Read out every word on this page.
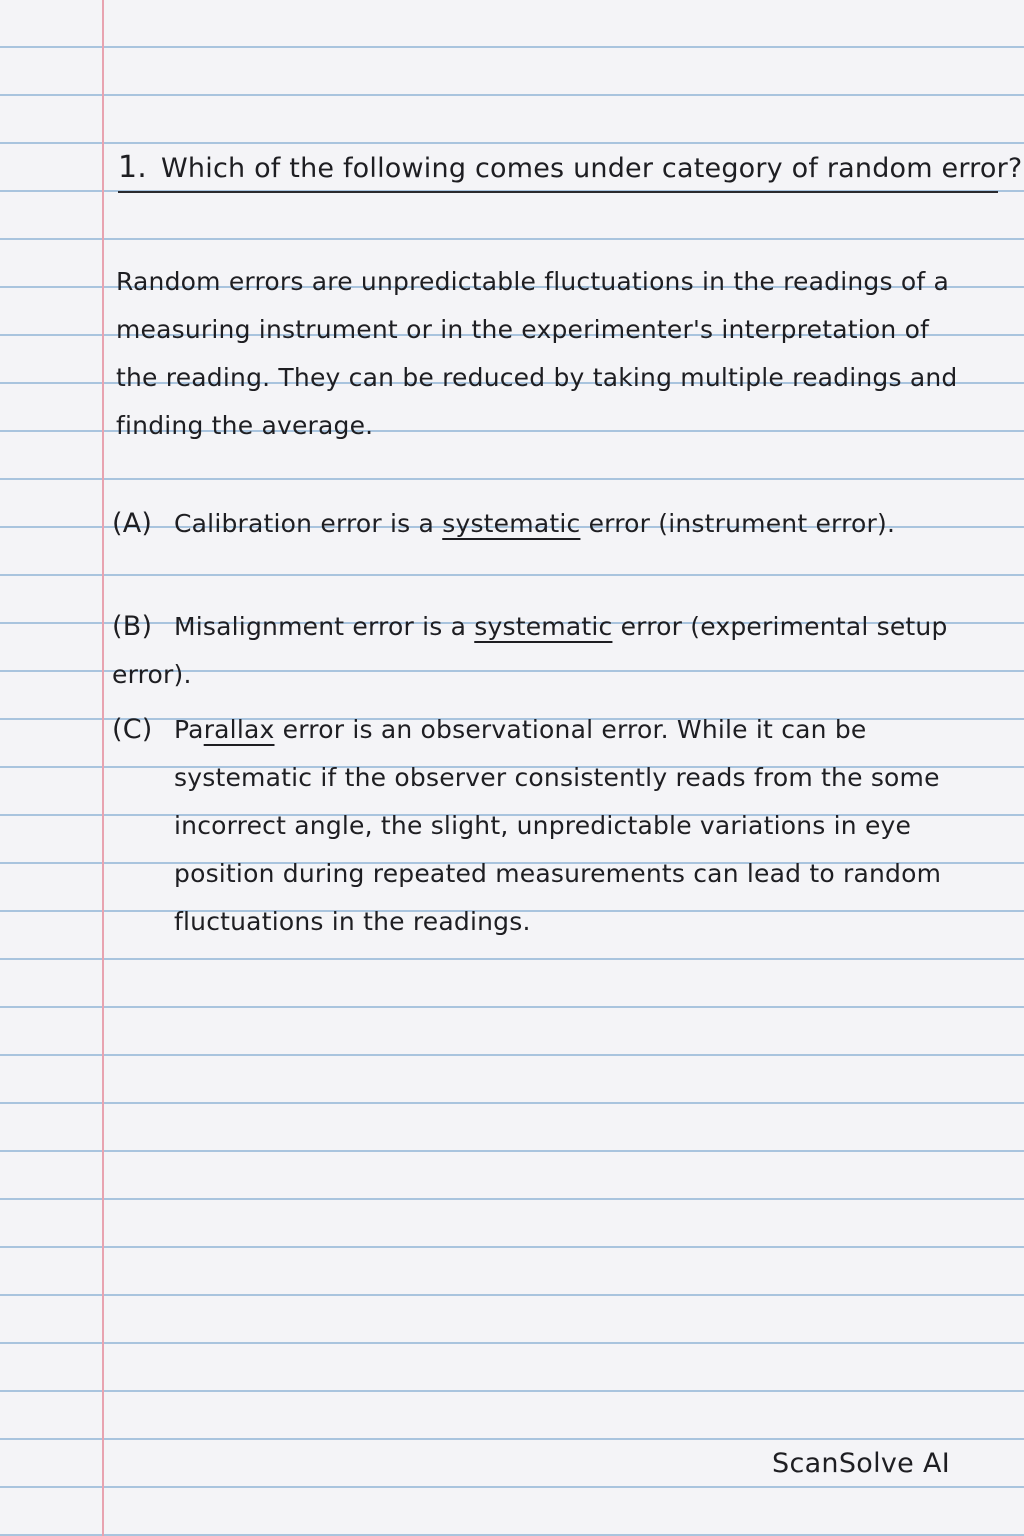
1. Which of the following comes under category of random error?
Random errors are unpredictable fluctuations in the readings of a measuring instrument or in the experimenter's interpretation of the reading. They can be reduced by taking multiple readings and finding the average.
(A) Calibration error is a systematic error (instrument error).
(B) Misalignment error is a systematic error (experimental setup error).
(C) Parallax error is an observational error. While it can be systematic if the observer consistently reads from the some incorrect angle, the slight, unpredictable variations in eye position during repeated measurements can lead to random fluctuations in the readings.
ScanSolve AI
